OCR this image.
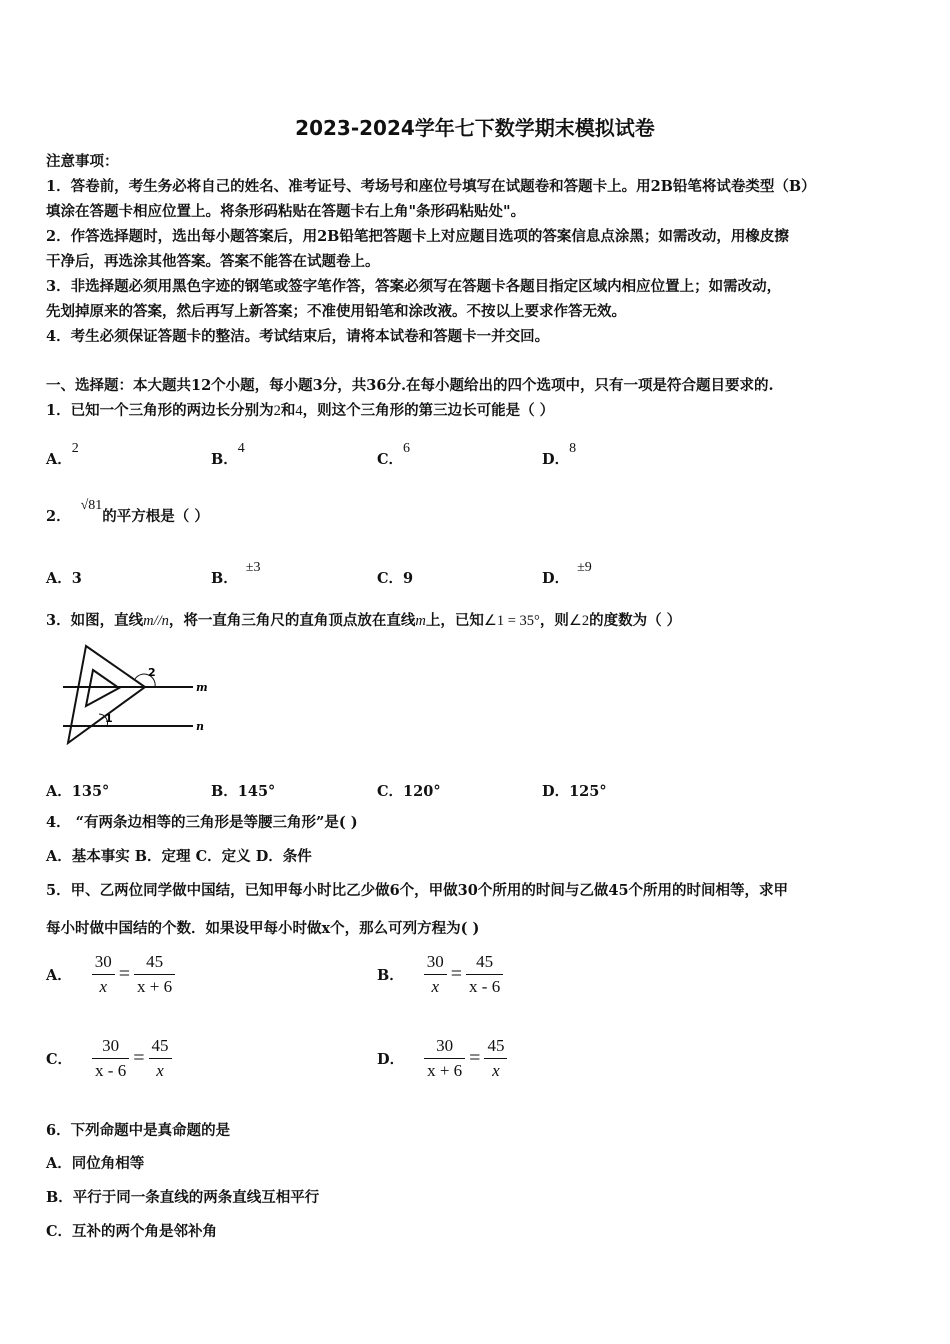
2023-2024学年七下数学期末模拟试卷
注意事项：
1．答卷前，考生务必将自己的姓名、准考证号、考场号和座位号填写在试题卷和答题卡上。用2B铅笔将试卷类型（B）
填涂在答题卡相应位置上。将条形码粘贴在答题卡右上角"条形码粘贴处"。
2．作答选择题时，选出每小题答案后，用2B铅笔把答题卡上对应题目选项的答案信息点涂黑；如需改动，用橡皮擦
干净后，再选涂其他答案。答案不能答在试题卷上。
3．非选择题必须用黑色字迹的钢笔或签字笔作答，答案必须写在答题卡各题目指定区域内相应位置上；如需改动，
先划掉原来的答案，然后再写上新答案；不准使用铅笔和涂改液。不按以上要求作答无效。
4．考生必须保证答题卡的整洁。考试结束后，请将本试卷和答题卡一并交回。
一、选择题：本大题共12个小题，每小题3分，共36分.在每小题给出的四个选项中，只有一项是符合题目要求的.
1．已知一个三角形的两边长分别为2和4，则这个三角形的第三边长可能是（ ）
A．2
B．4
C．6
D．8
2．√81的平方根是（ ）
A．3	B．±3
C．9	D．±9
3．如图，直线m//n，将一直角三角尺的直角顶点放在直线m上，已知∠1 = 35°，则∠2的度数为（ ）
2
1
m
n
A．135°	B．145°	C．120°	D．125°
4． “有两条边相等的三角形是等腰三角形”是( )
A．基本事实 B．定理 C．定义 D．条件
5．甲、乙两位同学做中国结，已知甲每小时比乙少做6个，甲做30个所用的时间与乙做45个所用的时间相等，求甲
每小时做中国结的个数．如果设甲每小时做x个，那么可列方程为( )
A． $\frac{30}{x} = \frac{45}{x + 6}$	B． $\frac{30}{x} = \frac{45}{x - 6}$
C． $\frac{30}{x - 6} = \frac{45}{x}$	D． $\frac{30}{x + 6} = \frac{45}{x}$
6．下列命题中是真命题的是
A．同位角相等
B．平行于同一条直线的两条直线互相平行
C．互补的两个角是邻补角
